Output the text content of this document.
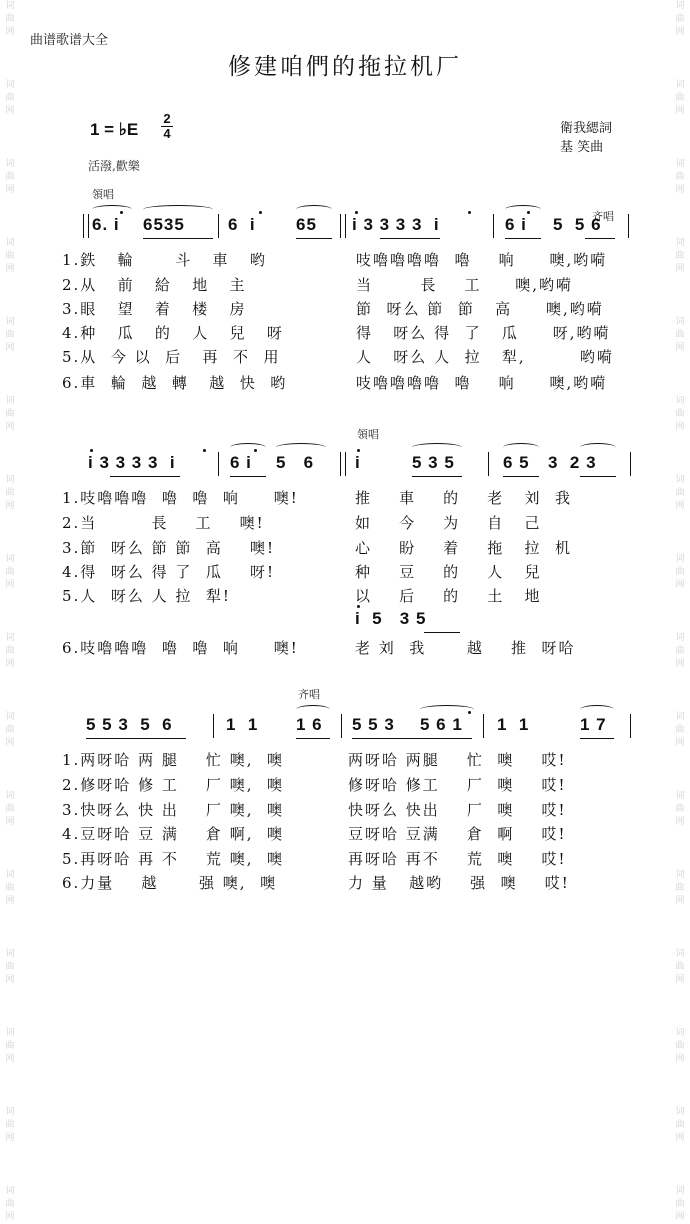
词曲网
词曲网
词曲网
词曲网
词曲网
词曲网
词曲网
词曲网
词曲网
词曲网
词曲网
词曲网
词曲网
词曲网
词曲网
词曲网
词曲网
词曲网
词曲网
词曲网
词曲网
词曲网
词曲网
词曲网
词曲网
词曲网
词曲网
词曲网
词曲网
词曲网
词曲网
词曲网
曲谱歌谱大全
修建咱們的拖拉机厂
1 = ♭E
2
4	衛我緦詞
基 笑曲
活潑,歡樂
領唱
齐唱
6. i 6535	6  i 65 i 3 3 3 3  i	6 i 5  5 6
1.鉄   輪      斗   車   哟
2.从   前   給   地   主
3.眼   望   着   楼   房
4.种   瓜   的   人   兒   呀
5.从  今 以  后   再  不  用
6.車  輪  越  轉   越  快  哟
吱嚕嚕嚕嚕  嚕    响     噢,哟嗬
当       長    工     噢,哟嗬
節  呀么 節  節   高     噢,哟嗬
得   呀么 得  了   瓜     呀,哟嗬
人   呀么 人  拉   犁,        哟嗬
吱嚕嚕嚕嚕  嚕    响     噢,哟嗬
領唱
i 3 3 3 3  i	6 i 5   6 i	5 3 5	6 5 3  2 3
1.吱嚕嚕嚕  嚕  嚕  响     噢!
2.当        長    工    噢!
3.節  呀么 節 節  高    噢!
4.得  呀么 得 了  瓜    呀!
5.人  呀么 人 拉  犁!
6.吱嚕嚕嚕  嚕  嚕  响     噢!
推    車    的    老   刘  我
如    今    为    自   己
心    盼    着    拖   拉  机
种    豆    的    人   兒
以    后    的    土   地
i  5   3 5
老 刘  我      越    推  呀哈
齐唱
5 5 3  5  6	1  1 1 6 5 5 3 5 6 1 1  1	1 7
1.两呀哈 两 腿    忙 噢,  噢
2.修呀哈 修 工    厂 噢,  噢
3.快呀么 快 出    厂 噢,  噢
4.豆呀哈 豆 满    倉 啊,  噢
5.再呀哈 再 不    荒 噢,  噢
6.力量    越      强 噢,  噢
两呀哈 两腿    忙  噢    哎!
修呀哈 修工    厂  噢    哎!
快呀么 快出    厂  噢    哎!
豆呀哈 豆满    倉  啊    哎!
再呀哈 再不    荒  噢    哎!
力 量   越哟    强  噢    哎!
